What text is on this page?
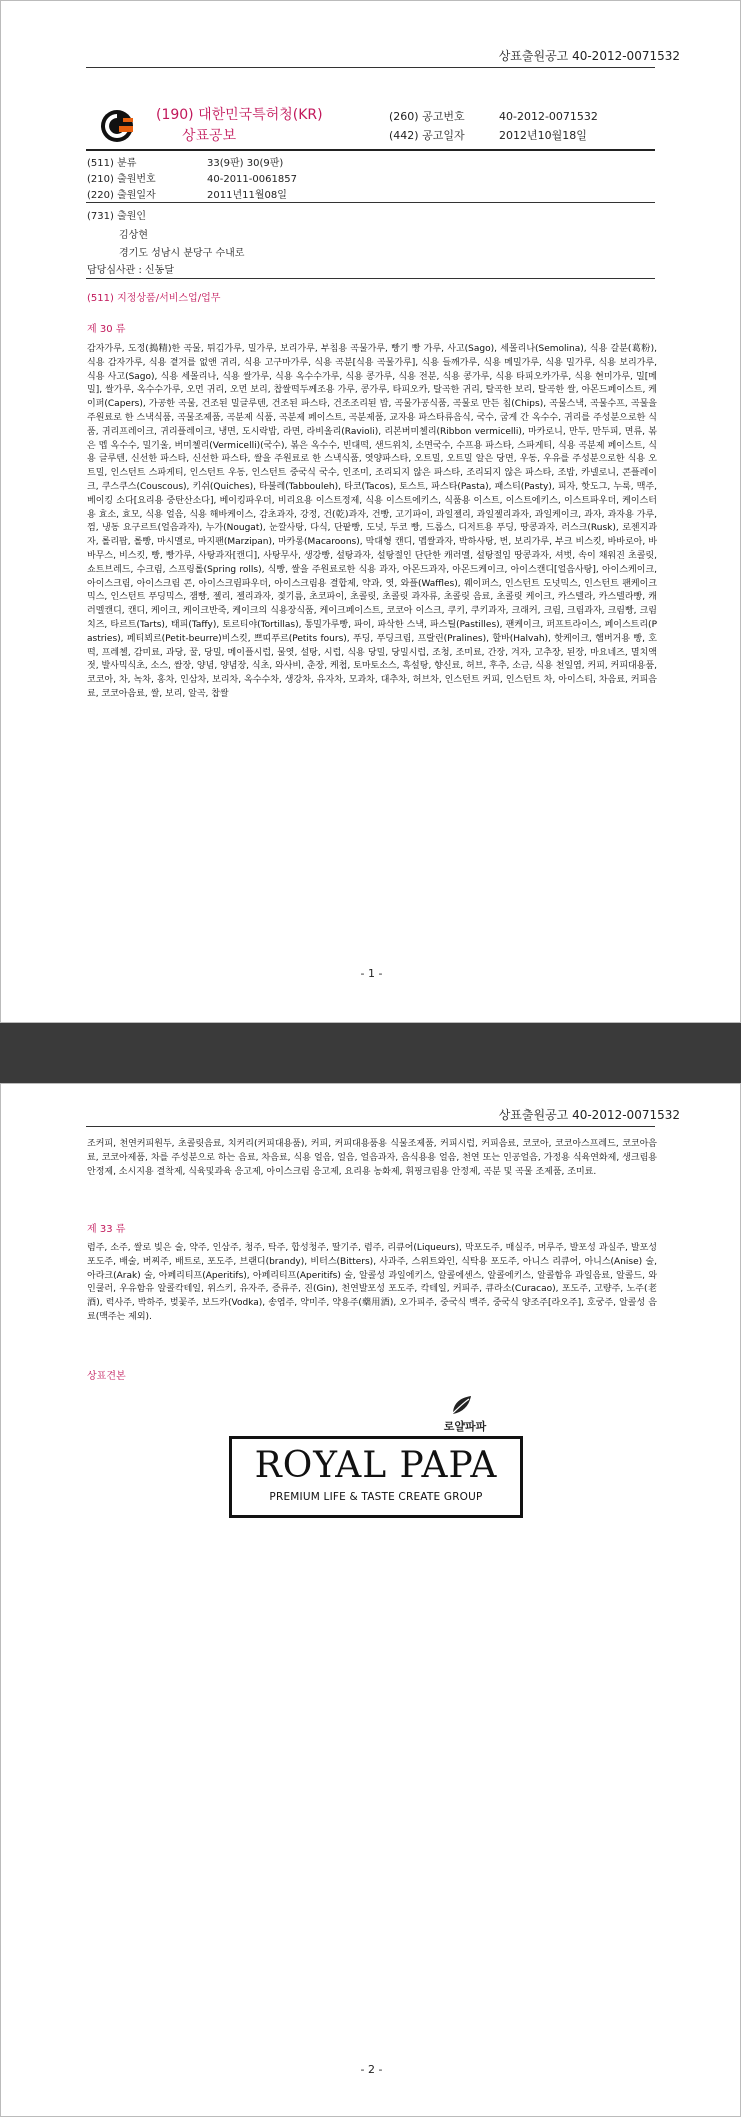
상표출원공고 40-2012-0071532
(190) 대한민국특허청(KR)
상표공보
(260) 공고번호	40-2012-0071532
(442) 공고일자	2012년10월18일
(511) 분류	33(9판) 30(9판)
(210) 출원번호	40-2011-0061857
(220) 출원일자	2011년11월08일
(731) 출원인
김상현
경기도 성남시 분당구 수내로
담당심사관 : 신동달
(511) 지정상품/서비스업/업무
제 30 류
감자가루, 도정(搗精)한 곡물, 튀김가루, 밀가루, 보리가루, 부침용 곡물가루, 빵기 빵 가루, 사고(Sago), 세몰리나(Semolina), 식용 갈분(葛粉), 식용 감자가루, 식용 곁겨를 없앤 귀리, 식용 고구마가루, 식용 곡분[식용 곡물가루], 식용 들깨가루, 식용 메밀가루, 식용 밀가루, 식용 보리가루, 식용 사고(Sago), 식용 세몰리나, 식용 쌀가루, 식용 옥수수가루, 식용 콩가루, 식용 전분, 식용 콩가루, 식용 타피오카가루, 식용 현미가루, 밀[메밀], 쌀가루, 옥수수가루, 오먼 귀리, 오먼 보리, 찹쌀떡두께조용 가루, 콩가루, 타피오카, 탈곡한 귀리, 탈곡한 보리, 탈곡한 쌀, 아몬드페이스트, 케이퍼(Capers), 가공한 곡물, 건조된 밀글루텐, 건조된 파스타, 건조조리된 밥, 곡물가공식품, 곡물로 만든 칩(Chips), 곡물스낵, 곡물수프, 곡물을 주원료로 한 스낵식품, 곡물조제품, 곡분제 식품, 곡분제 페이스트, 곡분제품, 교자용 파스타류음식, 국수, 굽게 간 옥수수, 귀리를 주성분으로한 식품, 귀리프레이크, 귀리플레이크, 냉면, 도시락밥, 라면, 라비올리(Ravioli), 리본버미첼리(Ribbon vermicelli), 마카로니, 만두, 만두피, 면류, 볶은 멥 옥수수, 밀기울, 버미첼리(Vermicelli)(국수), 볶은 옥수수, 빈대떡, 샌드위치, 소면국수, 수프용 파스타, 스파게티, 식용 곡분제 페이스트, 식용 글루텐, 신선한 파스타, 신선한 파스타, 쌀을 주원료로 한 스낵식품, 엿양파스타, 오트밀, 오트밀 알은 당면, 우동, 우유를 주성분으로한 식용 오트밀, 인스턴트 스파게티, 인스턴트 우동, 인스턴트 중국식 국수, 인조미, 조리되지 않은 파스타, 조리되지 않은 파스타, 조밥, 카넬로니, 콘플레이크, 쿠스쿠스(Couscous), 키쉬(Quiches), 타불레(Tabbouleh), 타코(Tacos), 토스트, 파스타(Pasta), 패스티(Pasty), 피자, 핫도그, 누룩, 맥주, 베이킹 소다[요리용 중탄산소다], 베이킹파우더, 비리요용 이스트정제, 식용 이스트에키스, 식품용 이스트, 이스트에키스, 이스트파우더, 케이스터용 효소, 효모, 식용 얼음, 식용 해바케이스, 감초과자, 강정, 건(乾)과자, 건빵, 고기파이, 과일젤리, 과일젤리과자, 과일케이크, 과자, 과자용 가루, 껌, 냉동 요구르트(얼음과자), 누가(Nougat), 눈깔사탕, 다식, 단팥빵, 도넛, 두코 빵, 드롭스, 디저트용 푸딩, 땅콩과자, 러스크(Rusk), 로젠지과자, 롤리팝, 롤빵, 마시멜로, 마지팬(Marzipan), 마카롱(Macaroons), 막대형 캔디, 멥쌀과자, 박하사탕, 번, 보리가루, 부크 비스킷, 바바로아, 바바무스, 비스킷, 빵, 빵가루, 사탕과자[캔디], 사탕무사, 생강빵, 설탕과자, 설탕절인 단단한 캐러멜, 설탕절임 땅콩과자, 셔벗, 속이 채워진 초콜릿, 쇼트브레드, 수크림, 스프링롤(Spring rolls), 식빵, 쌀을 주원료로한 식용 과자, 아몬드과자, 아몬드케이크, 아이스캔디[얼음사탕], 아이스케이크, 아이스크림, 아이스크림 콘, 아이스크림파우더, 아이스크림용 결합제, 약과, 엿, 와플(Waffles), 웨이퍼스, 인스턴트 도넛믹스, 인스턴트 팬케이크 믹스, 인스턴트 푸딩믹스, 잼빵, 젤리, 젤리과자, 젖기름, 초코파이, 초콜릿, 초콜릿 과자류, 초콜릿 음료, 초콜릿 케이크, 카스텔라, 카스텔라빵, 캐러멜캔디, 캔디, 케이크, 케이크반죽, 케이크의 식용장식품, 케이크페이스트, 코코아 이스크, 쿠키, 쿠키과자, 크래커, 크림, 크림과자, 크림빵, 크림치즈, 타르트(Tarts), 태피(Taffy), 토르티야(Tortillas), 통밀가루빵, 파이, 파삭한 스낵, 파스틸(Pastilles), 팬케이크, 퍼프트라이스, 페이스트리(Pastries), 페티뵈르(Petit-beurre)비스킷, 쁘띠푸르(Petits fours), 푸딩, 푸딩크림, 프랄린(Pralines), 할바(Halvah), 핫케이크, 햄버거용 빵, 호떡, 프레첼, 감미료, 과당, 꿀, 당밀, 메이플시럽, 물엿, 설탕, 시럽, 식용 당밀, 당밀시럽, 조청, 조미료, 간장, 겨자, 고추장, 된장, 마요네즈, 멸치액젓, 발사믹식초, 소스, 쌈장, 양념, 양념장, 식초, 와사비, 춘장, 케첩, 토마토소스, 흑설탕, 향신료, 허브, 후추, 소금, 식용 천일염, 커피, 커피대용품, 코코아, 차, 녹차, 홍차, 인삼차, 보리차, 옥수수차, 생강차, 유자차, 모과차, 대추차, 허브차, 인스턴트 커피, 인스턴트 차, 아이스티, 차음료, 커피음료, 코코아음료, 쌀, 보리, 알곡, 찹쌀
- 1 -
상표출원공고 40-2012-0071532
조커피, 천연커피원두, 초콜릿음료, 치커리(커피대용품), 커피, 커피대용품용 식물조제품, 커피시럽, 커피음료, 코코아, 코코아스프레드, 코코아음료, 코코아제품, 차를 주성분으로 하는 음료, 차음료, 식용 얼음, 얼음, 얼음과자, 음식용용 얼음, 천연 또는 인공얼음, 가정용 식육연화제, 생크림용 안정제, 소시지용 결착제, 식육및과육 응고제, 아이스크림 응고제, 요리용 농화제, 휘핑크림용 안정제, 곡분 및 곡물 조제품, 조미료.
제 33 류
럼주, 소주, 쌀로 빚은 술, 약주, 인삼주, 청주, 탁주, 합성청주, 딸기주, 럼주, 리큐어(Liqueurs), 막포도주, 매실주, 머루주, 발포성 과실주, 발포성 포도주, 배술, 버찌주, 배트로, 포도주, 브랜디(brandy), 비터스(Bitters), 사과주, 스위트와인, 식탁용 포도주, 아니스 리큐어, 아니스(Anise) 술, 아라크(Arak) 술, 아페리티프(Aperitifs), 아페리티프(Aperitifs) 술, 알콜성 과일에키스, 알콜에센스, 알콜에키스, 알콜함유 과일음료, 알콜드, 와인쿨러, 우유함유 알콜칵테일, 위스키, 유자주, 증류주, 진(Gin), 천연발포성 포도주, 칵테일, 커피주, 큐라소(Curacao), 포도주, 고량주, 노주(老酒), 럭사주, 박하주, 벚꽃주, 보드카(Vodka), 송엽주, 약미주, 약용주(藥用酒), 오가피주, 중국식 백주, 중국식 양조주[라오주], 호궁주, 알콜성 음료(맥주는 제외).
상표견본
로얄파파
ROYAL PAPA
PREMIUM LIFE & TASTE CREATE GROUP
- 2 -
